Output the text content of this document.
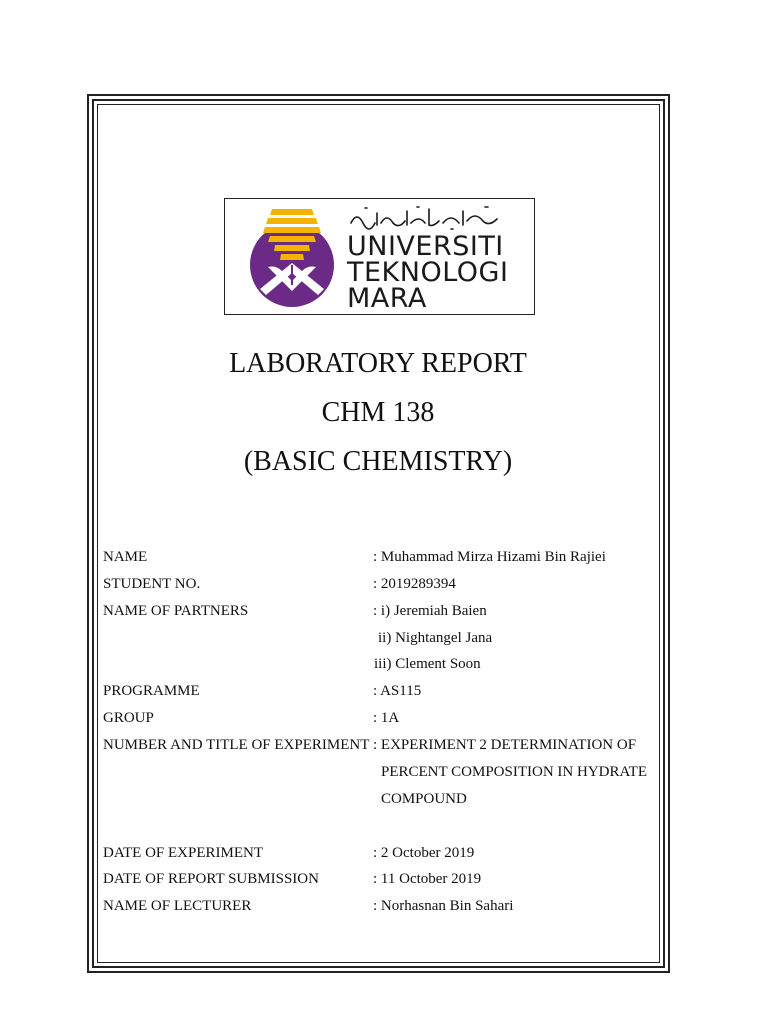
UNIVERSITI
TEKNOLOGI
MARA
LABORATORY REPORT
CHM 138
(BASIC CHEMISTRY)
NAME	: Muhammad Mirza Hizami Bin Rajiei
STUDENT NO.	: 2019289394
NAME OF PARTNERS	: i) Jeremiah Baien
ii) Nightangel Jana
iii) Clement Soon
PROGRAMME	: AS115
GROUP	: 1A
NUMBER AND TITLE OF EXPERIMENT : EXPERIMENT 2 DETERMINATION OF
PERCENT COMPOSITION IN HYDRATE
COMPOUND
DATE OF EXPERIMENT	: 2 October 2019
DATE OF REPORT SUBMISSION	: 11 October 2019
NAME OF LECTURER	: Norhasnan Bin Sahari
